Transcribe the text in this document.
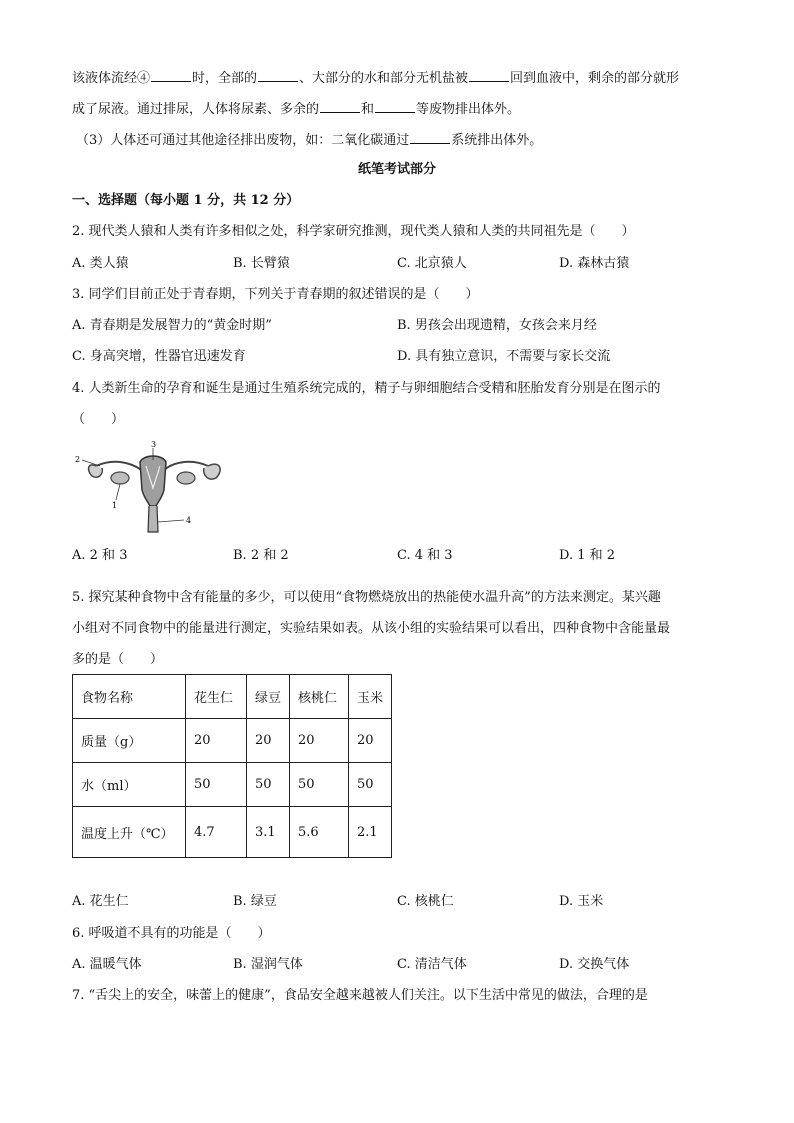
该液体流经④	时，全部的	、大部分的水和部分无机盐被	回到血液中，剩余的部分就形
成了尿液。通过排尿，人体将尿素、多余的	和	等废物排出体外。
（3）人体还可通过其他途径排出废物，如：二氧化碳通过	系统排出体外。
纸笔考试部分
一、选择题（每小题 1 分，共 12 分）
2. 现代类人猿和人类有许多相似之处，科学家研究推测，现代类人猿和人类的共同祖先是（　　）
A. 类人猿	B. 长臂猿	C. 北京猿人	D. 森林古猿
3. 同学们目前正处于青春期，下列关于青春期的叙述错误的是（　　）
A. 青春期是发展智力的“黄金时期”	B. 男孩会出现遗精，女孩会来月经
C. 身高突增，性器官迅速发育	D. 具有独立意识，不需要与家长交流
4. 人类新生命的孕育和诞生是通过生殖系统完成的，精子与卵细胞结合受精和胚胎发育分别是在图示的
（　　）
3
2
1
4
A. 2 和 3	B. 2 和 2	C. 4 和 3	D. 1 和 2
5. 探究某种食物中含有能量的多少，可以使用“食物燃烧放出的热能使水温升高”的方法来测定。某兴趣
小组对不同食物中的能量进行测定，实验结果如表。从该小组的实验结果可以看出，四种食物中含能量最
多的是（　　）
食物名称	花生仁	绿豆	核桃仁	玉米
质量（g）	20	20	20	20
水（ml）	50	50	50	50
温度上升（℃）	4.7	3.1	5.6	2.1
A. 花生仁	B. 绿豆	C. 核桃仁	D. 玉米
6. 呼吸道不具有的功能是（　　）
A. 温暖气体	B. 湿润气体	C. 清洁气体	D. 交换气体
7. “舌尖上的安全，味蕾上的健康”，食品安全越来越被人们关注。以下生活中常见的做法，合理的是
